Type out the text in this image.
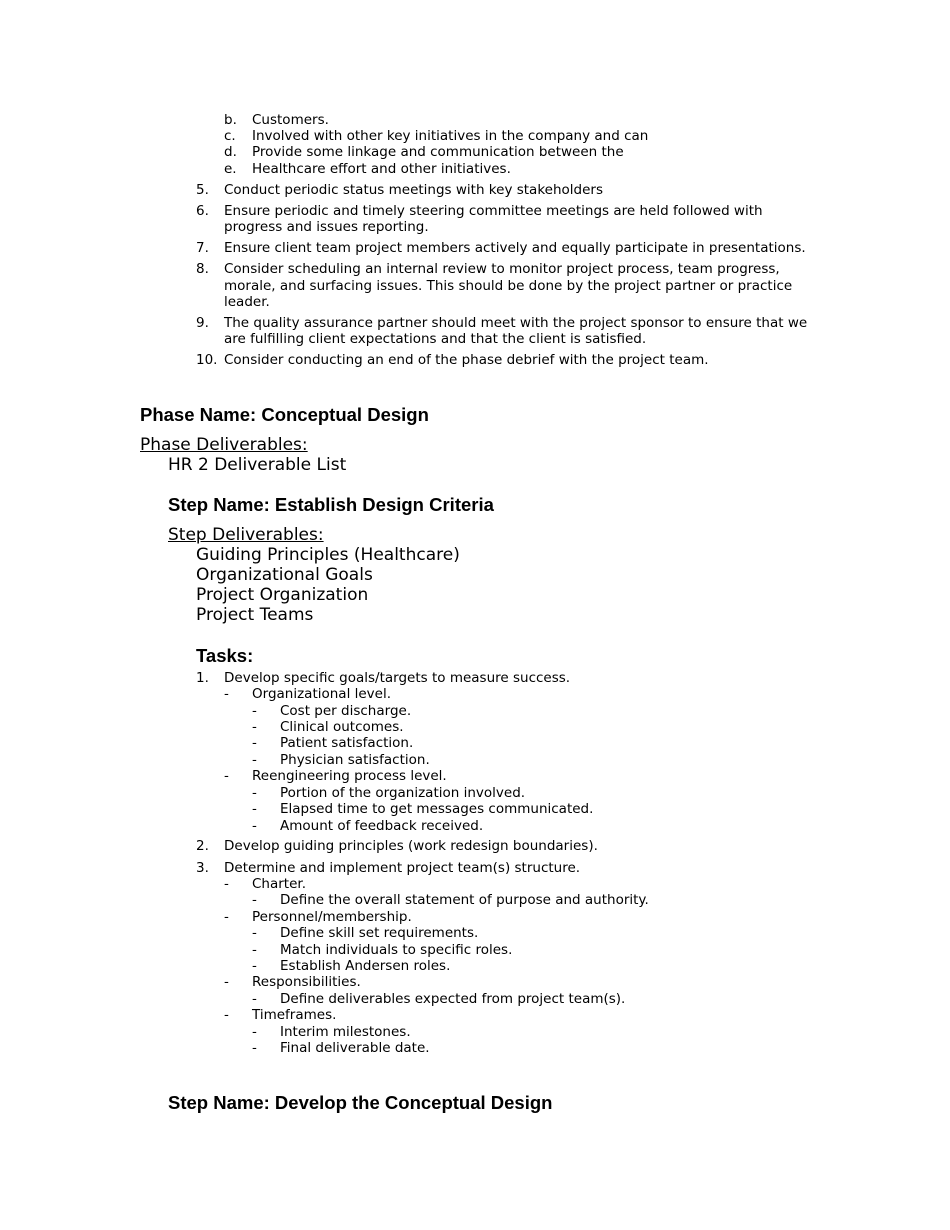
b. Customers.
c. Involved with other key initiatives in the company and can
d. Provide some linkage and communication between the
e. Healthcare effort and other initiatives.
5. Conduct periodic status meetings with key stakeholders
6. Ensure periodic and timely steering committee meetings are held followed with
progress and issues reporting.
7. Ensure client team project members actively and equally participate in presentations.
8. Consider scheduling an internal review to monitor project process, team progress,
morale, and surfacing issues. This should be done by the project partner or practice
leader.
9. The quality assurance partner should meet with the project sponsor to ensure that we
are fulfilling client expectations and that the client is satisfied.
10. Consider conducting an end of the phase debrief with the project team.
Phase Name: Conceptual Design
Phase Deliverables:
HR 2 Deliverable List
Step Name: Establish Design Criteria
Step Deliverables:
Guiding Principles (Healthcare)
Organizational Goals
Project Organization
Project Teams
Tasks:
1. Develop specific goals/targets to measure success.
- Organizational level.
- Cost per discharge.
- Clinical outcomes.
- Patient satisfaction.
- Physician satisfaction.
- Reengineering process level.
- Portion of the organization involved.
- Elapsed time to get messages communicated.
- Amount of feedback received.
2. Develop guiding principles (work redesign boundaries).
3. Determine and implement project team(s) structure.
- Charter.
- Define the overall statement of purpose and authority.
- Personnel/membership.
- Define skill set requirements.
- Match individuals to specific roles.
- Establish Andersen roles.
- Responsibilities.
- Define deliverables expected from project team(s).
- Timeframes.
- Interim milestones.
- Final deliverable date.
Step Name: Develop the Conceptual Design
